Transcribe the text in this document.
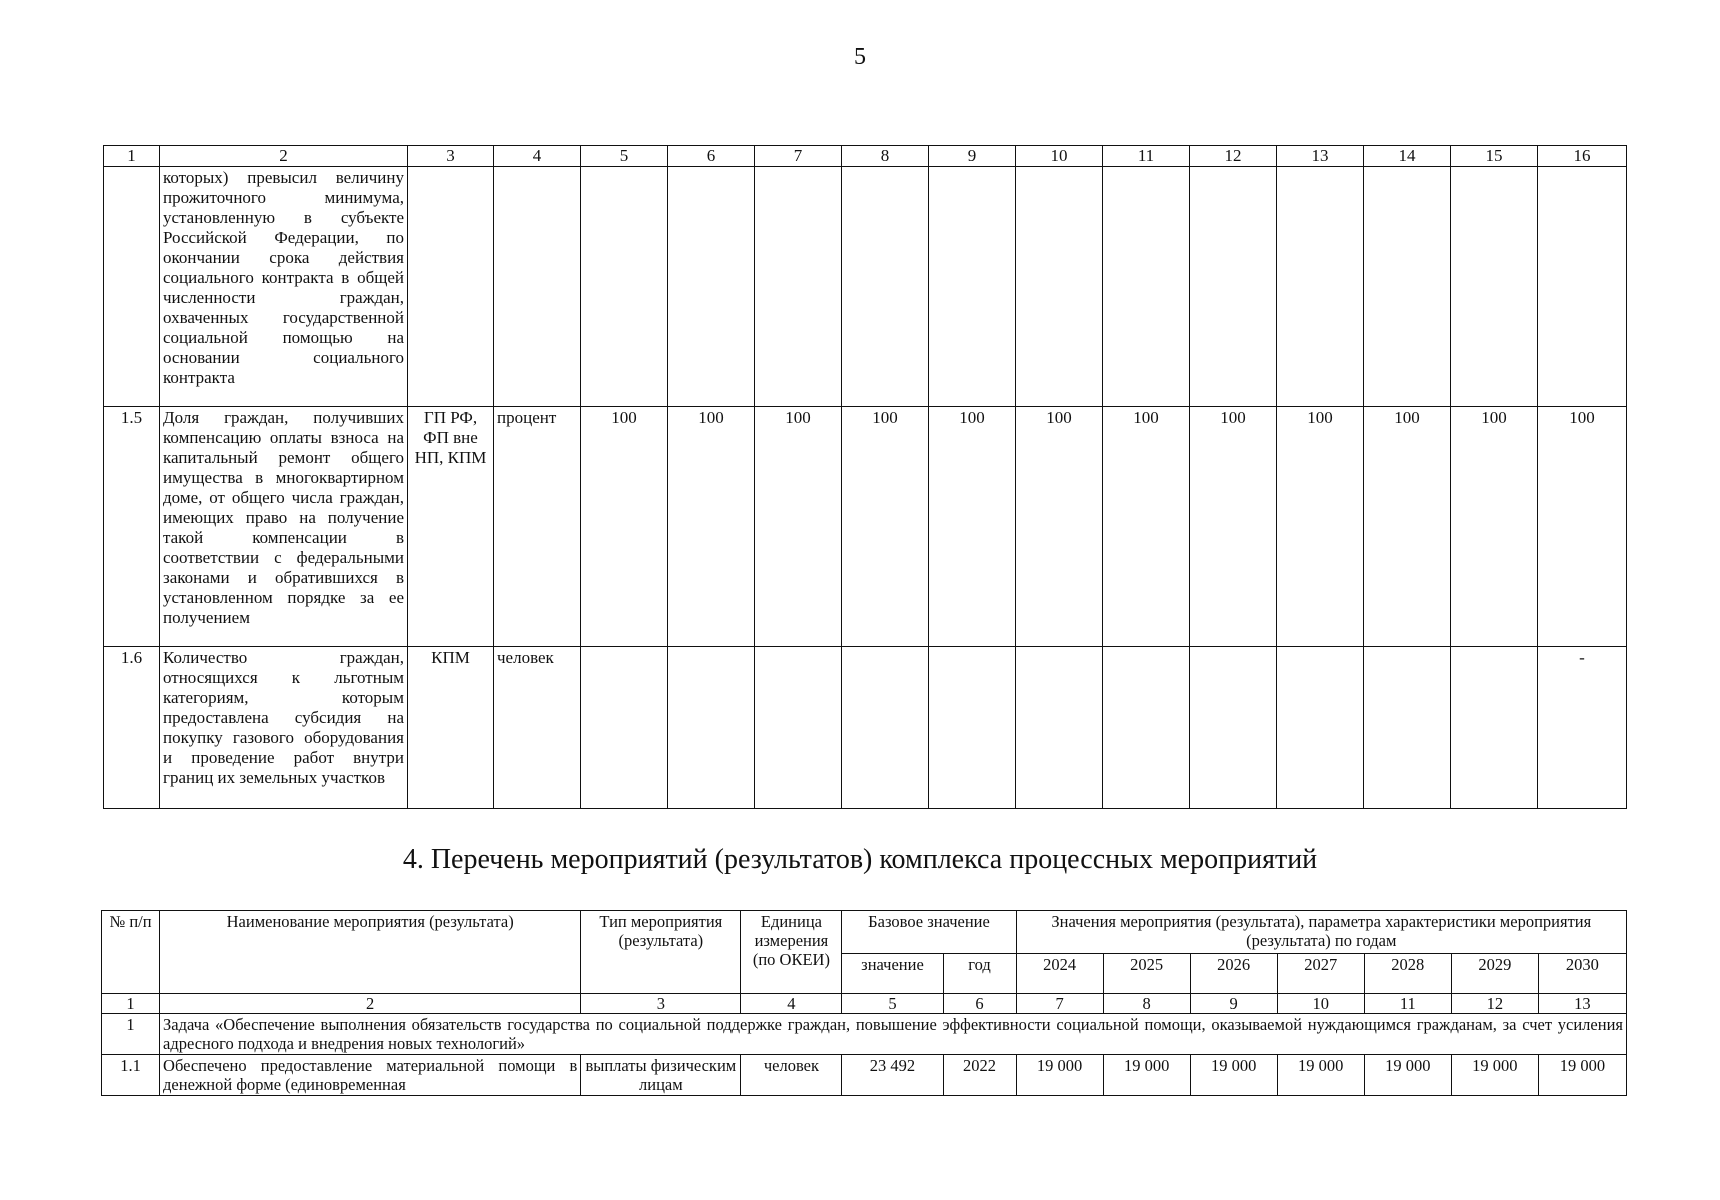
5
1	2	3	4	5	6	7	8	9	10	11	12	13	14	15	16
	которых) превысил величину прожиточного минимума, установленную в субъекте Российской Федерации, по окончании срока действия социального контракта в общей численности граждан, охваченных государственной социальной помощью на основании социального контракта														
1.5	Доля граждан, получивших компенсацию оплаты взноса на капитальный ремонт общего имущества в многоквартирном доме, от общего числа граждан, имеющих право на получение такой компенсации в соответствии с федеральными законами и обратившихся в установленном порядке за ее получением	ГП РФ, ФП вне НП, КПМ	процент	100	100	100	100	100	100	100	100	100	100	100	100
1.6	Количество граждан, относящихся к льготным категориям, которым предоставлена субсидия на покупку газового оборудования и проведение работ внутри границ их земельных участков	КПМ	человек												-
4. Перечень мероприятий (результатов) комплекса процессных мероприятий
№ п/п	Наименование мероприятия (результата)	Тип мероприятия (результата)	Единица измерения (по ОКЕИ)	Базовое значение		Значения мероприятия (результата), параметра характеристики мероприятия (результата) по годам						
				значение	год	2024	2025	2026	2027	2028	2029	2030
1	2	3	4	5	6	7	8	9	10	11	12	13
1	Задача «Обеспечение выполнения обязательств государства по социальной поддержке граждан, повышение эффективности социальной помощи, оказываемой нуждающимся гражданам, за счет усиления адресного подхода и внедрения новых технологий»											
1.1	Обеспечено предоставление материальной помощи в денежной форме (единовременная	выплаты физическим лицам	человек	23 492	2022	19 000	19 000	19 000	19 000	19 000	19 000	19 000
